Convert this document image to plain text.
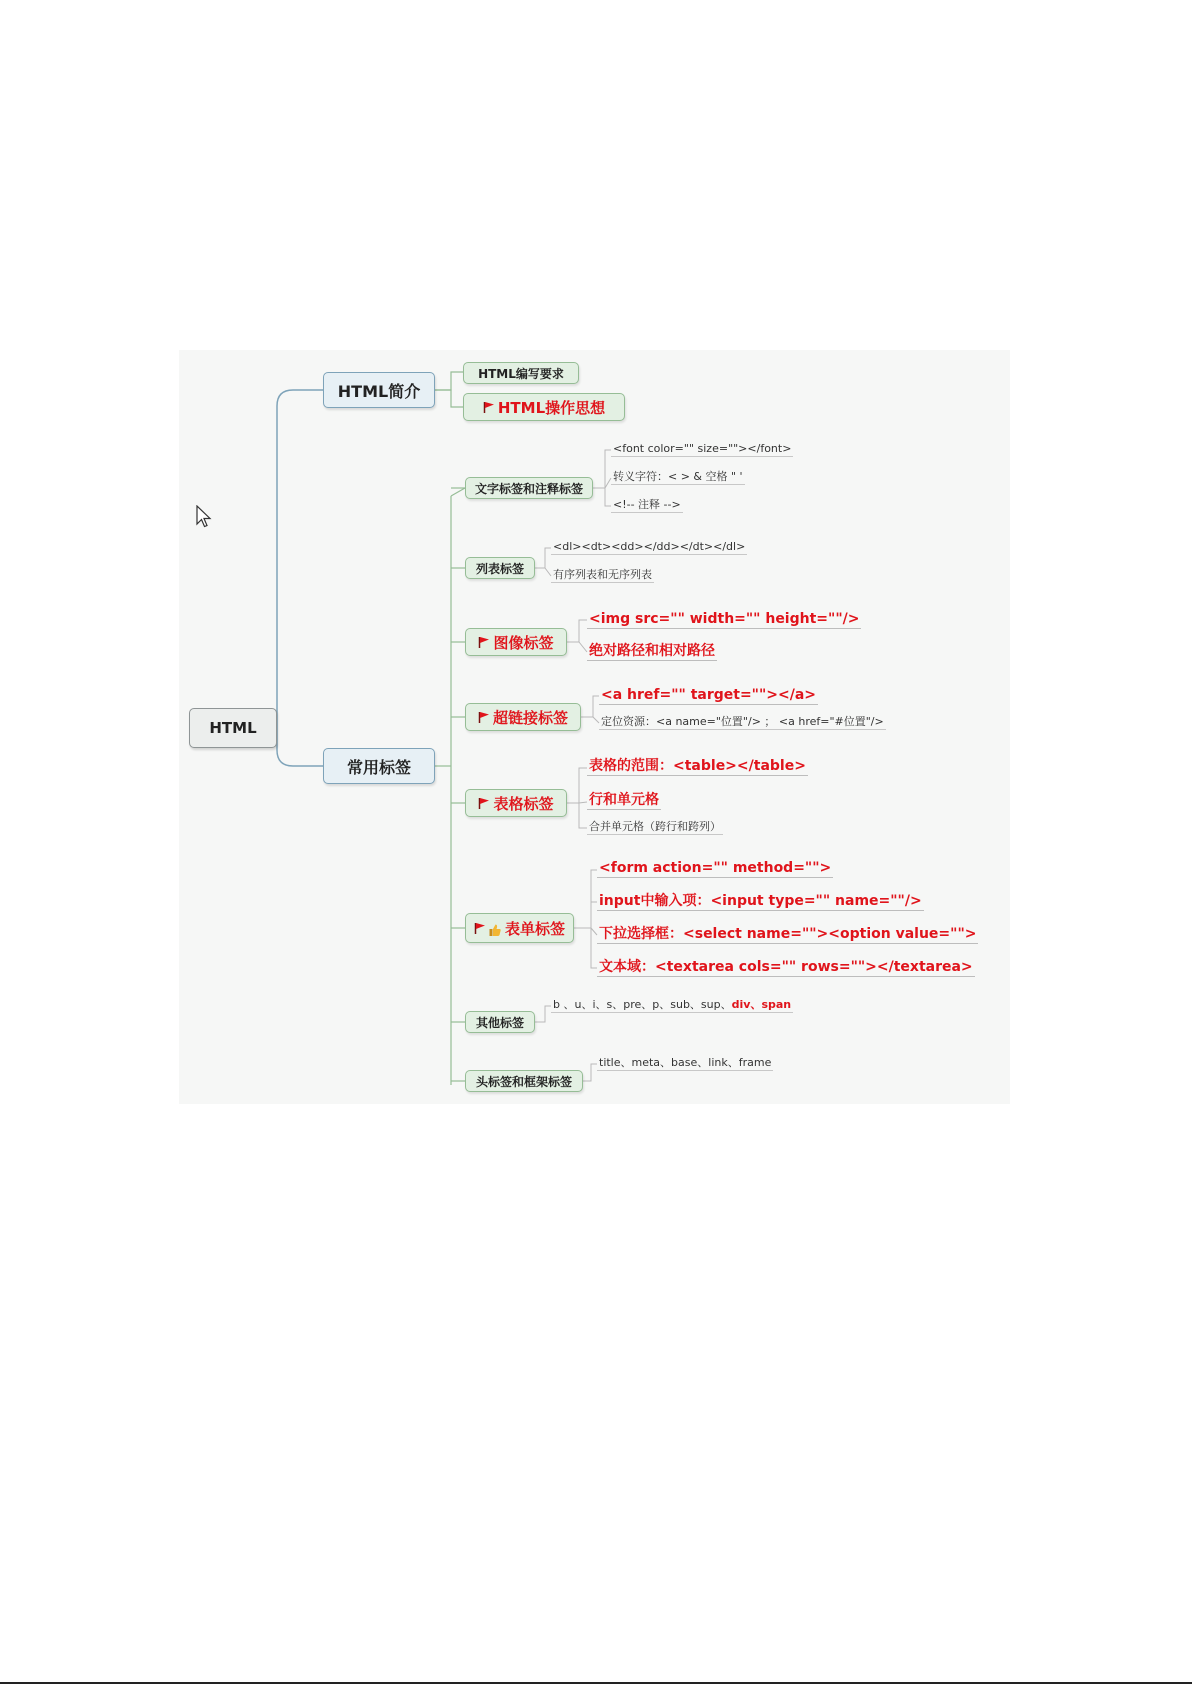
HTML
HTML简介
常用标签
HTML编写要求
HTML操作思想
文字标签和注释标签
列表标签
图像标签
超链接标签
表格标签
表单标签
其他标签
头标签和框架标签
<font color="" size=""></font>
转义字符：< > & 空格 " '
<!-- 注释 -->
<dl><dt><dd></dd></dt></dl>
有序列表和无序列表
<img src="" width="" height=""/>
绝对路径和相对路径
<a href="" target=""></a>
定位资源：<a name="位置"/> ； <a href="#位置"/>
表格的范围：<table></table>
行和单元格
合并单元格（跨行和跨列）
<form action="" method="">
input中输入项：<input type="" name=""/>
下拉选择框：<select name=""><option value="">
文本域：<textarea cols="" rows=""></textarea>
b 、u、i、s、pre、p、sub、sup、div、span
title、meta、base、link、frame
